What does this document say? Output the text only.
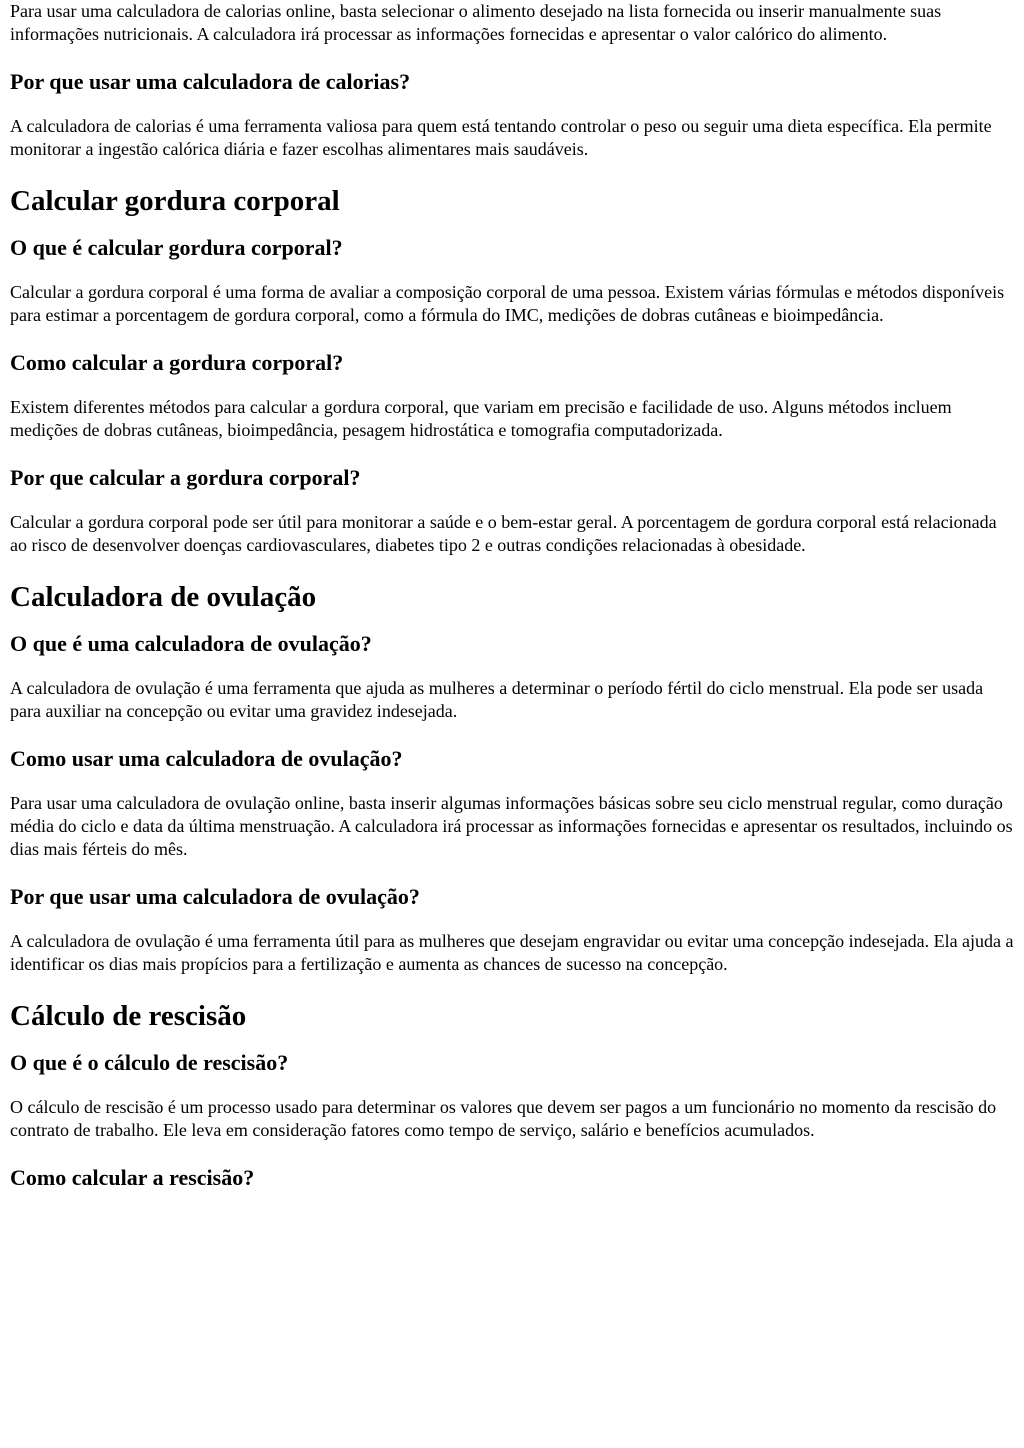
Para usar uma calculadora de calorias online, basta selecionar o alimento desejado na lista fornecida ou inserir manualmente suas informações nutricionais. A calculadora irá processar as informações fornecidas e apresentar o valor calórico do alimento.

Por que usar uma calculadora de calorias?

A calculadora de calorias é uma ferramenta valiosa para quem está tentando controlar o peso ou seguir uma dieta específica. Ela permite monitorar a ingestão calórica diária e fazer escolhas alimentares mais saudáveis.

Calcular gordura corporal
O que é calcular gordura corporal?

Calcular a gordura corporal é uma forma de avaliar a composição corporal de uma pessoa. Existem várias fórmulas e métodos disponíveis para estimar a porcentagem de gordura corporal, como a fórmula do IMC, medições de dobras cutâneas e bioimpedância.

Como calcular a gordura corporal?

Existem diferentes métodos para calcular a gordura corporal, que variam em precisão e facilidade de uso. Alguns métodos incluem medições de dobras cutâneas, bioimpedância, pesagem hidrostática e tomografia computadorizada.

Por que calcular a gordura corporal?

Calcular a gordura corporal pode ser útil para monitorar a saúde e o bem-estar geral. A porcentagem de gordura corporal está relacionada ao risco de desenvolver doenças cardiovasculares, diabetes tipo 2 e outras condições relacionadas à obesidade.

Calculadora de ovulação
O que é uma calculadora de ovulação?

A calculadora de ovulação é uma ferramenta que ajuda as mulheres a determinar o período fértil do ciclo menstrual. Ela pode ser usada para auxiliar na concepção ou evitar uma gravidez indesejada.

Como usar uma calculadora de ovulação?

Para usar uma calculadora de ovulação online, basta inserir algumas informações básicas sobre seu ciclo menstrual regular, como duração média do ciclo e data da última menstruação. A calculadora irá processar as informações fornecidas e apresentar os resultados, incluindo os dias mais férteis do mês.

Por que usar uma calculadora de ovulação?

A calculadora de ovulação é uma ferramenta útil para as mulheres que desejam engravidar ou evitar uma concepção indesejada. Ela ajuda a identificar os dias mais propícios para a fertilização e aumenta as chances de sucesso na concepção.

Cálculo de rescisão
O que é o cálculo de rescisão?

O cálculo de rescisão é um processo usado para determinar os valores que devem ser pagos a um funcionário no momento da rescisão do contrato de trabalho. Ele leva em consideração fatores como tempo de serviço, salário e benefícios acumulados.

Como calcular a rescisão?
